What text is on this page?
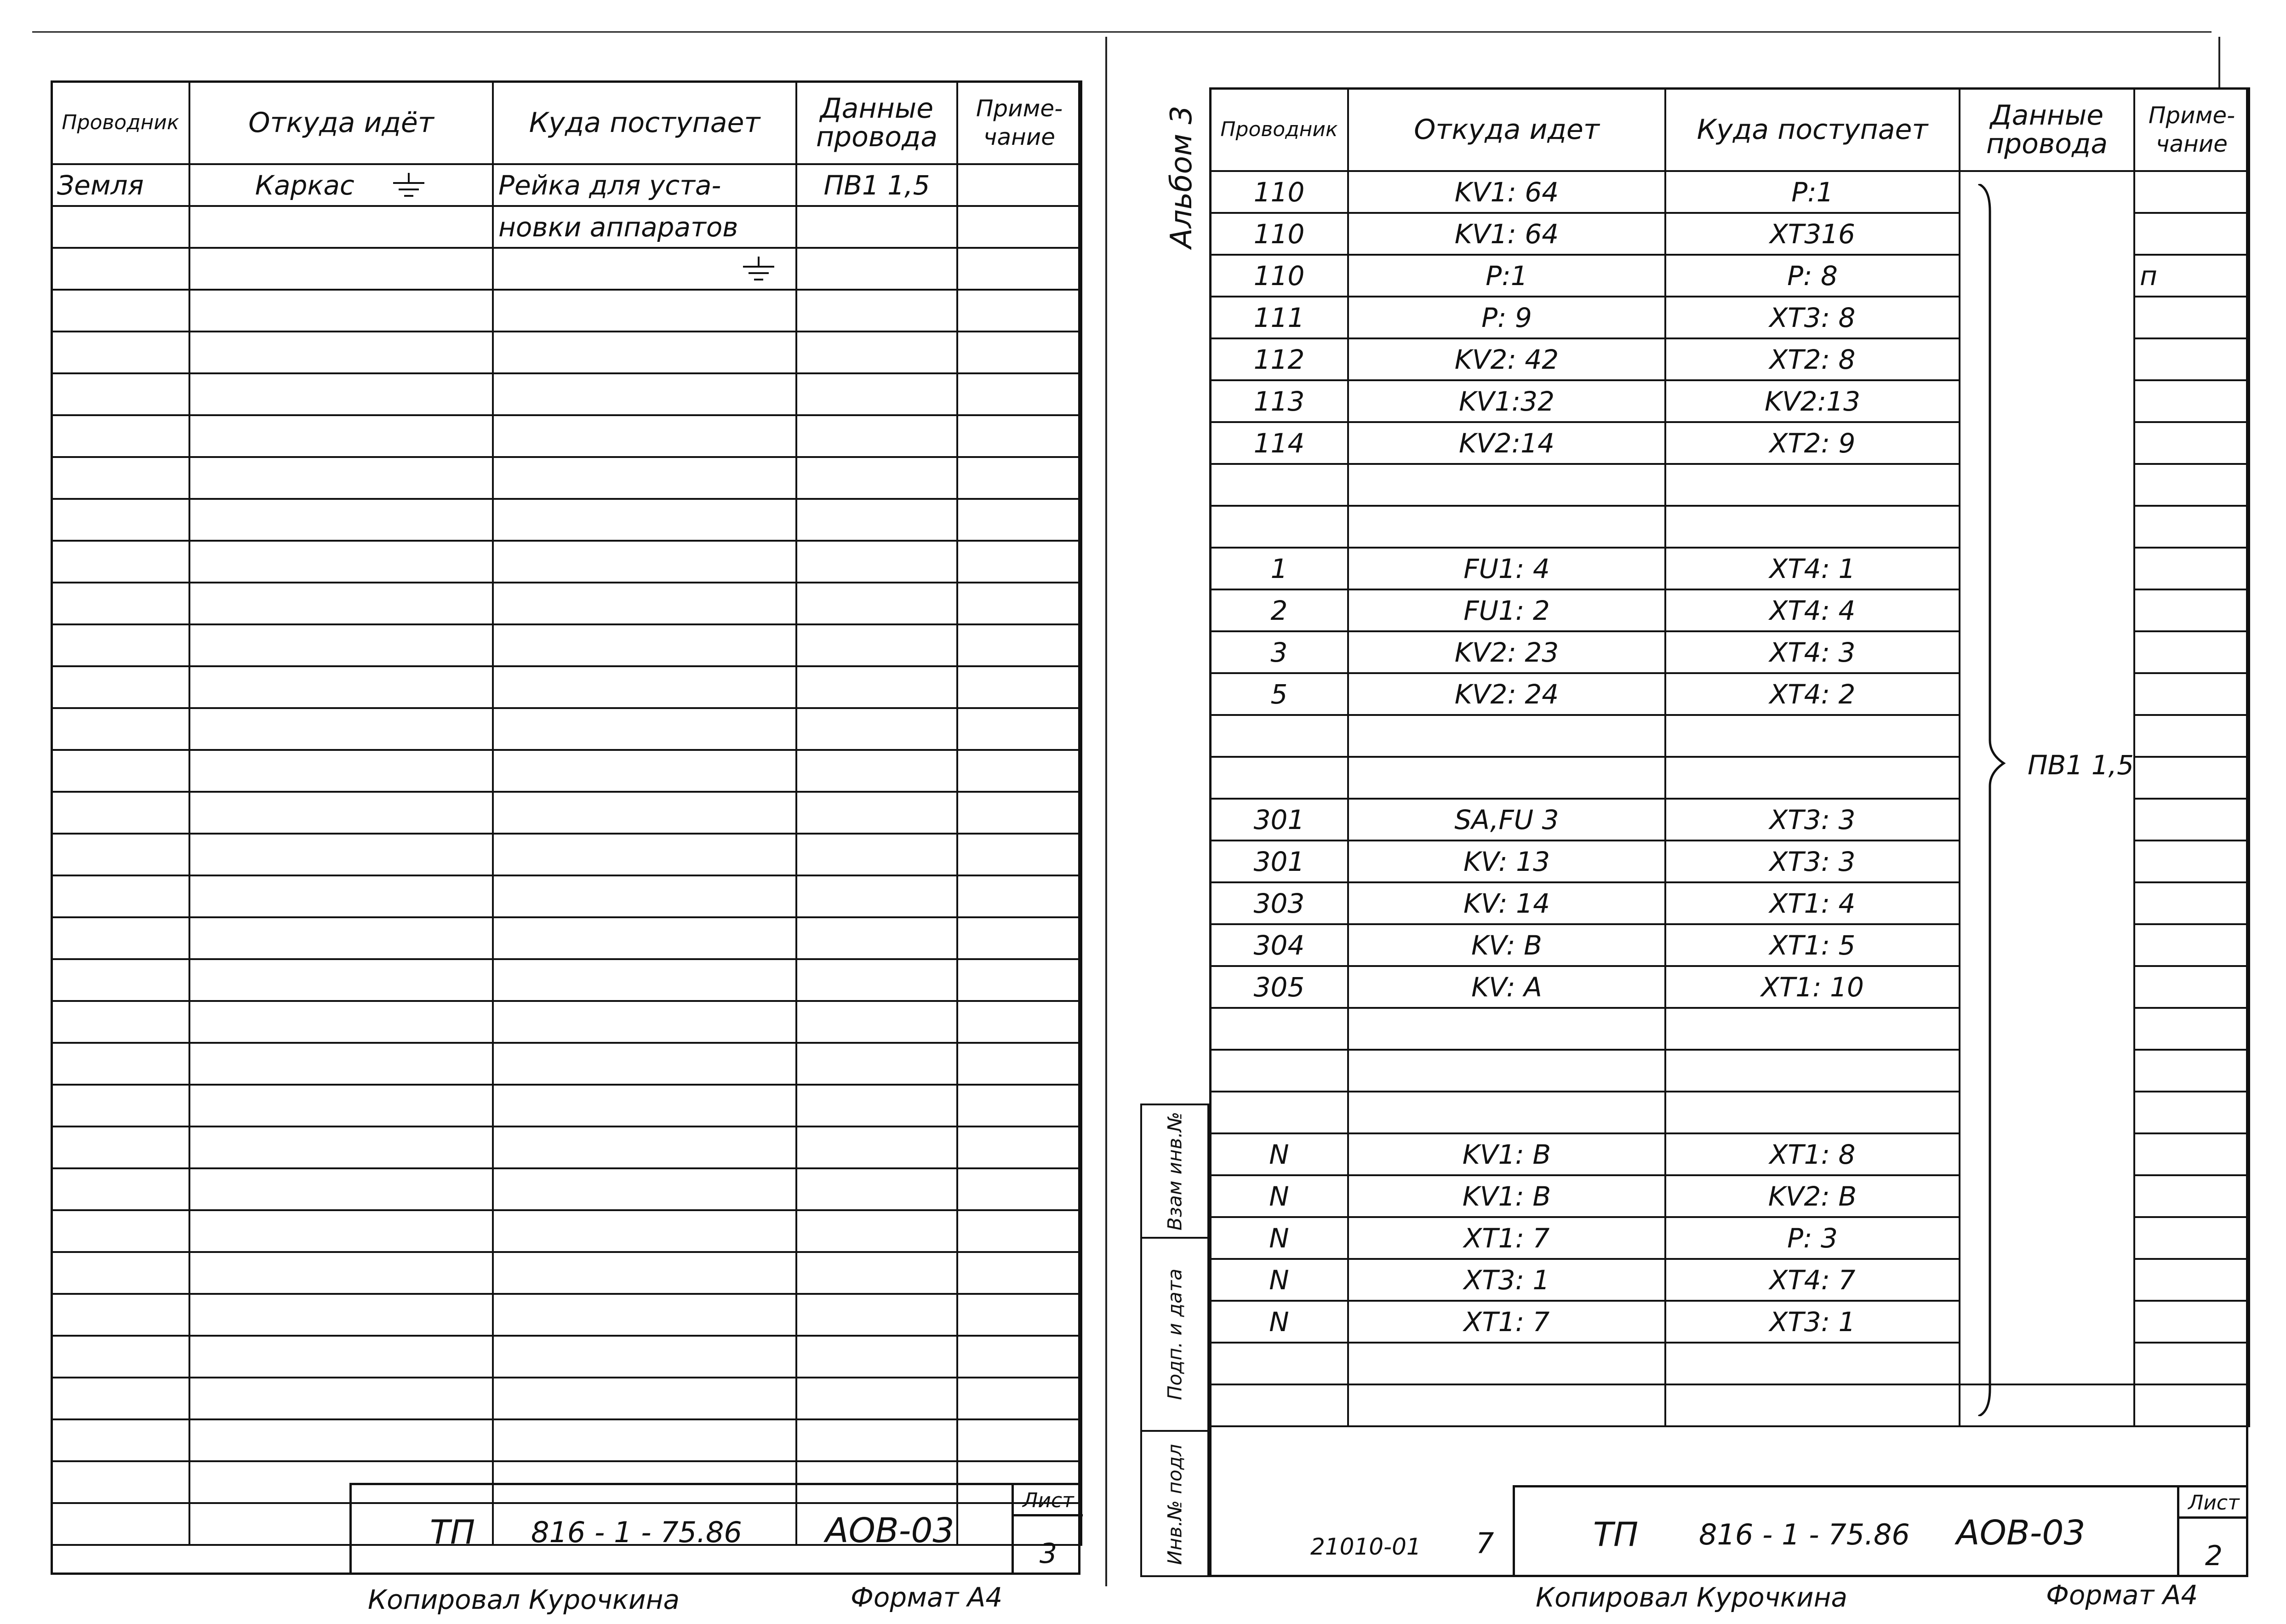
Проводник	Откуда идёт	Куда поступает	Данные провода	Приме- чание
Земля	Каркас	Рейка для уста-	ПВ1 1,5	
		новки аппаратов		

ТП 816 - 1 - 75.86 АОВ-03
Лист
3
Копировал Курочкина	Формат А4
Альбом 3
Взам инв.№
Подп. и дата
Инв.№ подл
Проводник	Откуда идет	Куда поступает	Данные провода	Приме- чание
110	KV1: 64	Р:1		
110	KV1: 64	XT316		
110	Р:1	Р: 8		п
111	Р: 9	XT3: 8		
112	KV2: 42	XT2: 8		
113	KV1:32	KV2:13		
114	KV2:14	XT2: 9		

1	FU1: 4	XT4: 1		
2	FU1: 2	XT4: 4		
3	KV2: 23	XT4: 3		
5	KV2: 24	XT4: 2		

301	SA,FU 3	XT3: 3		
301	KV: 13	XT3: 3		
303	KV: 14	XT1: 4		
304	KV: B	XT1: 5		
305	KV: A	XT1: 10		

N	KV1: B	XT1: 8		
N	KV1: B	KV2: B		
N	XT1: 7	Р: 3		
N	XT3: 1	XT4: 7		
N	XT1: 7	XT3: 1		

ПВ1 1,5
21010-01 7	ТП 816 - 1 - 75.86 АОВ-03
Лист
2
Копировал Курочкина	Формат А4
